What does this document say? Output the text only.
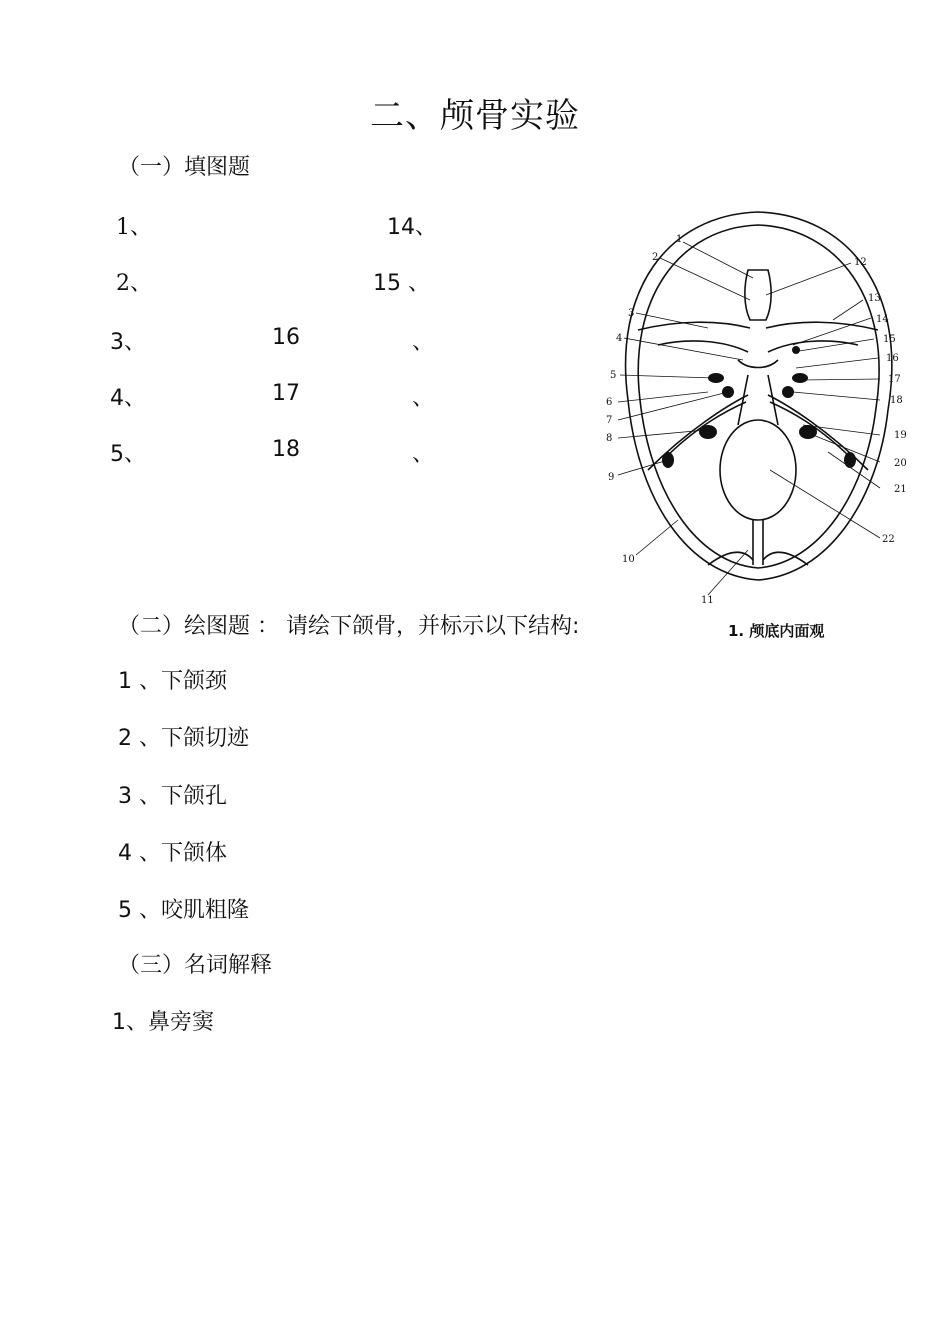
二、颅骨实验
（一）填图题
1、
2、
3、
4、
5、
14、
15 、
16
17
18
、
、
、
1
2
3
4
5
6
7
8
9
10
11
12
13
14
15
16
17
18
19
20
21
22
1. 颅底内面观
（二）绘图题 ： 请绘下颌骨，并标示以下结构:
1 、下颌颈
2 、下颌切迹
3 、下颌孔
4 、下颌体
5 、咬肌粗隆
（三）名词解释
1、鼻旁窦
